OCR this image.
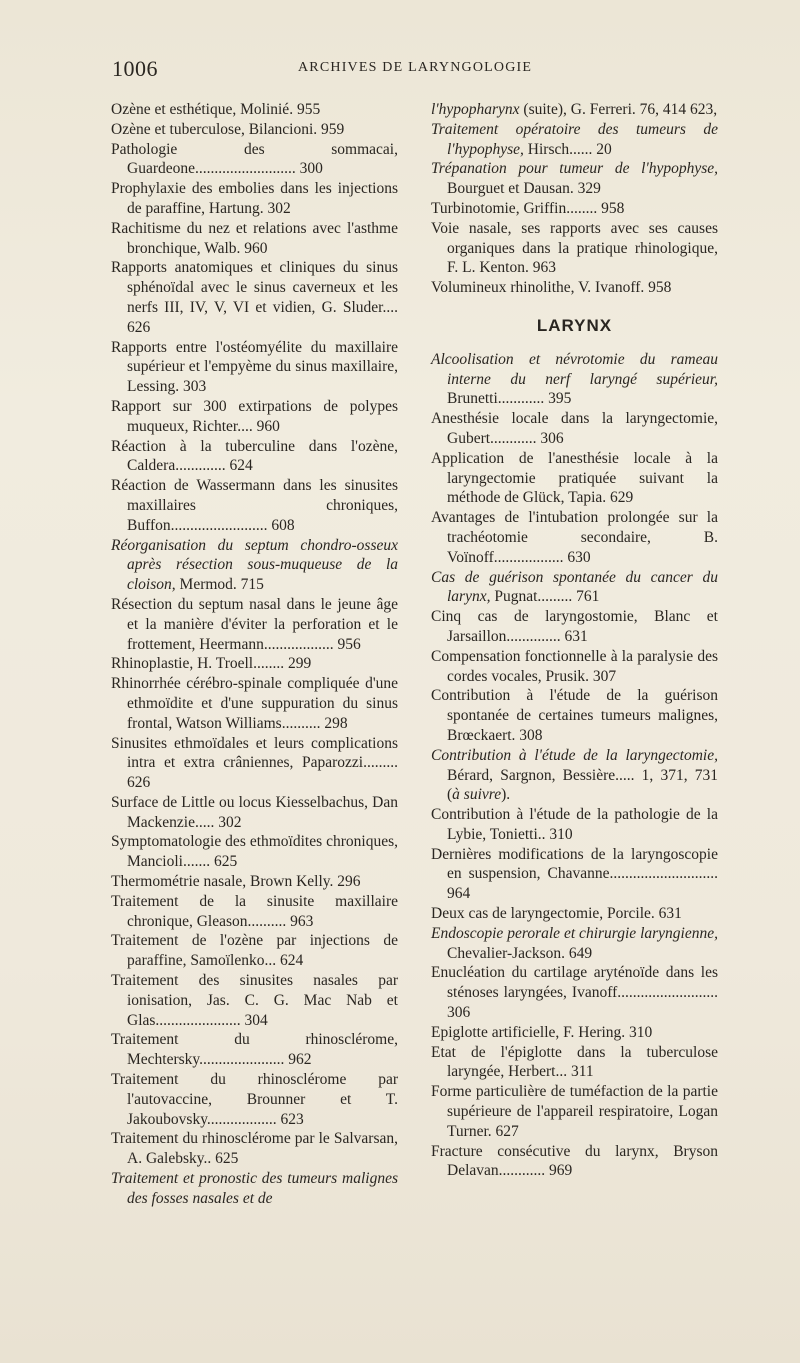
1006	ARCHIVES DE LARYNGOLOGIE

Ozène et esthétique, Molinié. 955

Ozène et tuberculose, Bilancioni. 959

Pathologie des sommacai, Guardeone.......................... 300

Prophylaxie des embolies dans les injections de paraffine, Hartung. 302

Rachitisme du nez et relations avec l'asthme bronchique, Walb. 960

Rapports anatomiques et cliniques du sinus sphénoïdal avec le sinus caverneux et les nerfs III, IV, V, VI et vidien, G. Sluder.... 626

Rapports entre l'ostéomyélite du maxillaire supérieur et l'empyème du sinus maxillaire, Lessing. 303

Rapport sur 300 extirpations de polypes muqueux, Richter.... 960

Réaction à la tuberculine dans l'ozène, Caldera............. 624

Réaction de Wassermann dans les sinusites maxillaires chroniques, Buffon......................... 608

Réorganisation du septum chondro-osseux après résection sous-muqueuse de la cloison, Mermod. 715

Résection du septum nasal dans le jeune âge et la manière d'éviter la perforation et le frottement, Heermann.................. 956

Rhinoplastie, H. Troell........ 299

Rhinorrhée cérébro-spinale compliquée d'une ethmoïdite et d'une suppuration du sinus frontal, Watson Williams.......... 298

Sinusites ethmoïdales et leurs complications intra et extra crâniennes, Paparozzi......... 626

Surface de Little ou locus Kiesselbachus, Dan Mackenzie..... 302

Symptomatologie des ethmoïdites chroniques, Mancioli....... 625

Thermométrie nasale, Brown Kelly. 296

Traitement de la sinusite maxillaire chronique, Gleason.......... 963

Traitement de l'ozène par injections de paraffine, Samoïlenko... 624

Traitement des sinusites nasales par ionisation, Jas. C. G. Mac Nab et Glas...................... 304

Traitement du rhinosclérome, Mechtersky...................... 962

Traitement du rhinosclérome par l'autovaccine, Brounner et T. Jakoubovsky.................. 623

Traitement du rhinosclérome par le Salvarsan, A. Galebsky.. 625

Traitement et pronostic des tumeurs malignes des fosses nasales et de

l'hypopharynx (suite), G. Ferreri. 76, 414 623,

Traitement opératoire des tumeurs de l'hypophyse, Hirsch...... 20

Trépanation pour tumeur de l'hypophyse, Bourguet et Dausan. 329

Turbinotomie, Griffin........ 958

Voie nasale, ses rapports avec ses causes organiques dans la pratique rhinologique, F. L. Kenton. 963

Volumineux rhinolithe, V. Ivanoff. 958

LARYNX

Alcoolisation et névrotomie du rameau interne du nerf laryngé supérieur, Brunetti............ 395

Anesthésie locale dans la laryngectomie, Gubert............ 306

Application de l'anesthésie locale à la laryngectomie pratiquée suivant la méthode de Glück, Tapia. 629

Avantages de l'intubation prolongée sur la trachéotomie secondaire, B. Voïnoff.................. 630

Cas de guérison spontanée du cancer du larynx, Pugnat......... 761

Cinq cas de laryngostomie, Blanc et Jarsaillon.............. 631

Compensation fonctionnelle à la paralysie des cordes vocales, Prusik. 307

Contribution à l'étude de la guérison spontanée de certaines tumeurs malignes, Brœckaert. 308

Contribution à l'étude de la laryngectomie, Bérard, Sargnon, Bessière..... 1, 371, 731 (à suivre).

Contribution à l'étude de la pathologie de la Lybie, Tonietti.. 310

Dernières modifications de la laryngoscopie en suspension, Chavanne............................ 964

Deux cas de laryngectomie, Porcile. 631

Endoscopie perorale et chirurgie laryngienne, Chevalier-Jackson. 649

Enucléation du cartilage aryténoïde dans les sténoses laryngées, Ivanoff.......................... 306

Epiglotte artificielle, F. Hering. 310

Etat de l'épiglotte dans la tuberculose laryngée, Herbert... 311

Forme particulière de tuméfaction de la partie supérieure de l'appareil respiratoire, Logan Turner. 627

Fracture consécutive du larynx, Bryson Delavan............ 969
